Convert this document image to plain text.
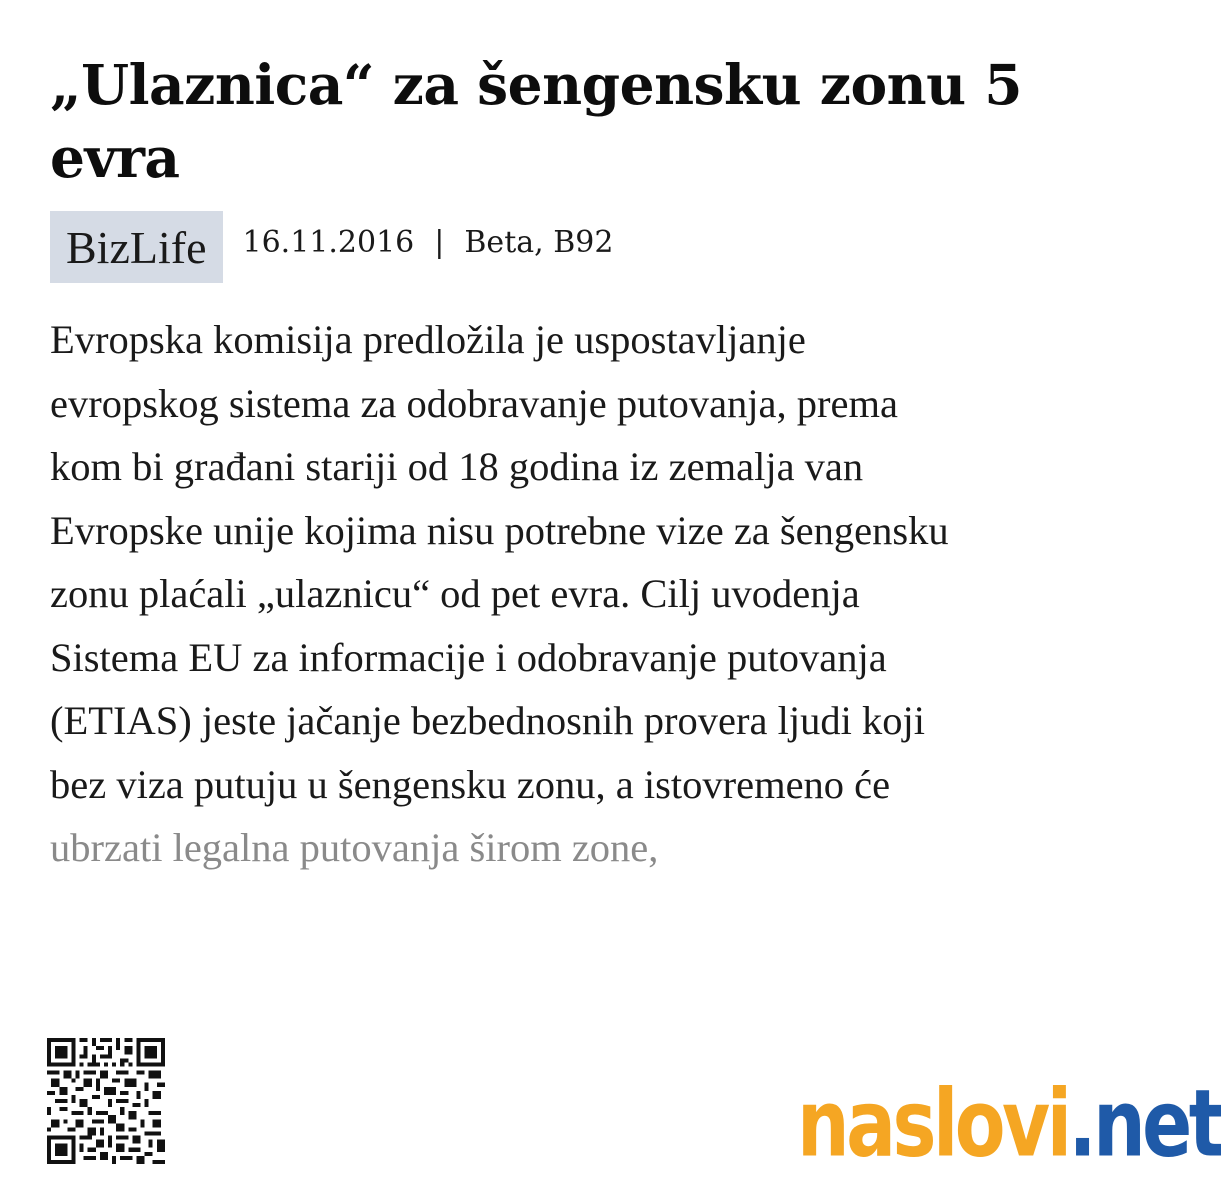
„Ulaznica“ za šengensku zonu 5 evra
BizLife	16.11.2016 | Beta, B92
Evropska komisija predložila je uspostavljanje
evropskog sistema za odobravanje putovanja, prema
kom bi građani stariji od 18 godina iz zemalja van
Evropske unije kojima nisu potrebne vize za šengensku
zonu plaćali „ulaznicu“ od pet evra. Cilj uvodenja
Sistema EU za informacije i odobravanje putovanja
(ETIAS) jeste jačanje bezbednosnih provera ljudi koji
bez viza putuju u šengensku zonu, a istovremeno će
ubrzati legalna putovanja širom zone,
naslovi .net
